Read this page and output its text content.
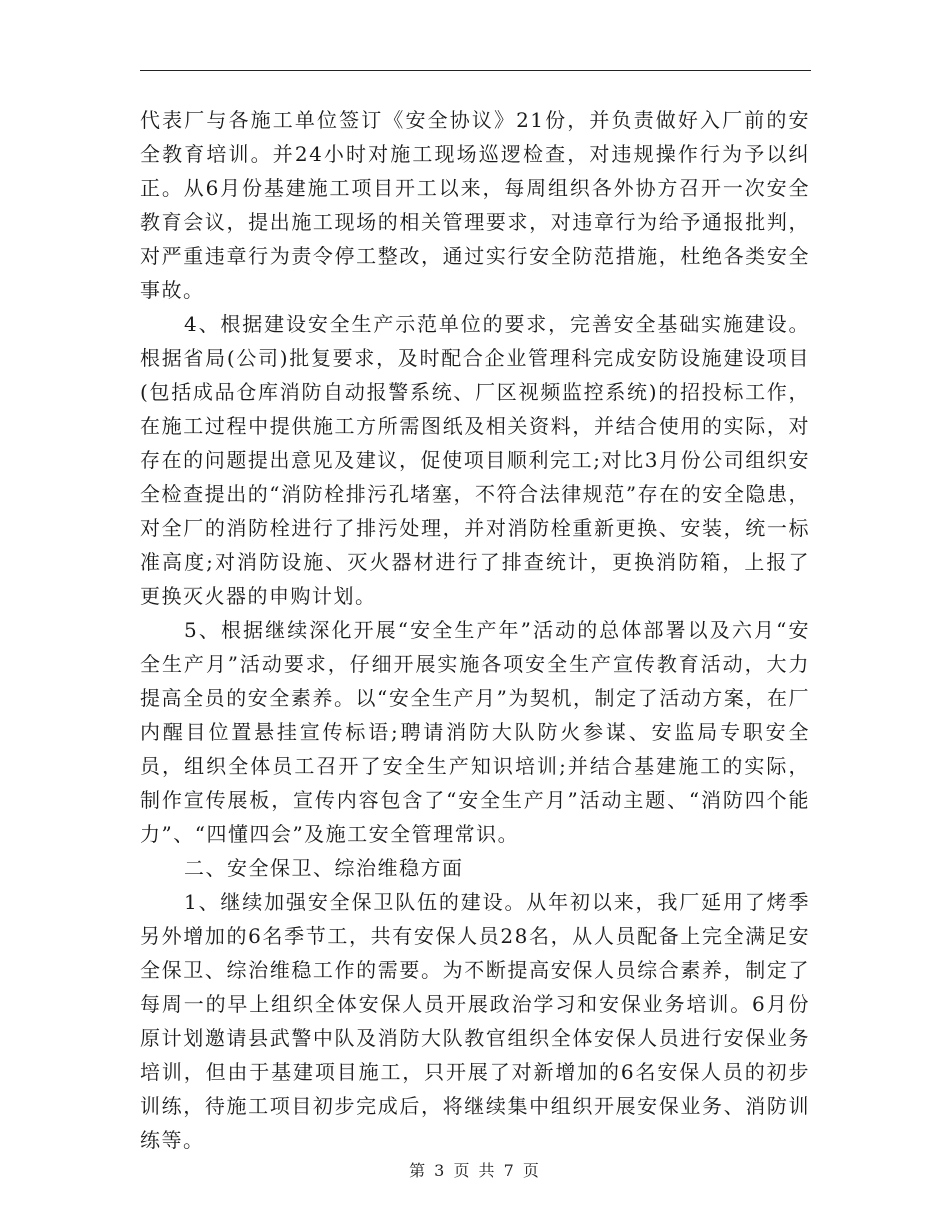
代表厂与各施工单位签订《安全协议》21份，并负责做好入厂前的安全教育培训。并24小时对施工现场巡逻检查，对违规操作行为予以纠正。从6月份基建施工项目开工以来，每周组织各外协方召开一次安全教育会议，提出施工现场的相关管理要求，对违章行为给予通报批判，对严重违章行为责令停工整改，通过实行安全防范措施，杜绝各类安全事故。

4、根据建设安全生产示范单位的要求，完善安全基础实施建设。根据省局(公司)批复要求，及时配合企业管理科完成安防设施建设项目(包括成品仓库消防自动报警系统、厂区视频监控系统)的招投标工作，在施工过程中提供施工方所需图纸及相关资料，并结合使用的实际，对存在的问题提出意见及建议，促使项目顺利完工;对比3月份公司组织安全检查提出的“消防栓排污孔堵塞，不符合法律规范”存在的安全隐患，对全厂的消防栓进行了排污处理，并对消防栓重新更换、安装，统一标准高度;对消防设施、灭火器材进行了排查统计，更换消防箱，上报了更换灭火器的申购计划。

5、根据继续深化开展“安全生产年”活动的总体部署以及六月“安全生产月”活动要求，仔细开展实施各项安全生产宣传教育活动，大力提高全员的安全素养。以“安全生产月”为契机，制定了活动方案，在厂内醒目位置悬挂宣传标语;聘请消防大队防火参谋、安监局专职安全员，组织全体员工召开了安全生产知识培训;并结合基建施工的实际，制作宣传展板，宣传内容包含了“安全生产月”活动主题、“消防四个能力”、“四懂四会”及施工安全管理常识。

二、安全保卫、综治维稳方面

1、继续加强安全保卫队伍的建设。从年初以来，我厂延用了烤季另外增加的6名季节工，共有安保人员28名，从人员配备上完全满足安全保卫、综治维稳工作的需要。为不断提高安保人员综合素养，制定了每周一的早上组织全体安保人员开展政治学习和安保业务培训。6月份原计划邀请县武警中队及消防大队教官组织全体安保人员进行安保业务培训，但由于基建项目施工，只开展了对新增加的6名安保人员的初步训练，待施工项目初步完成后，将继续集中组织开展安保业务、消防训练等。

第 3 页 共 7 页
